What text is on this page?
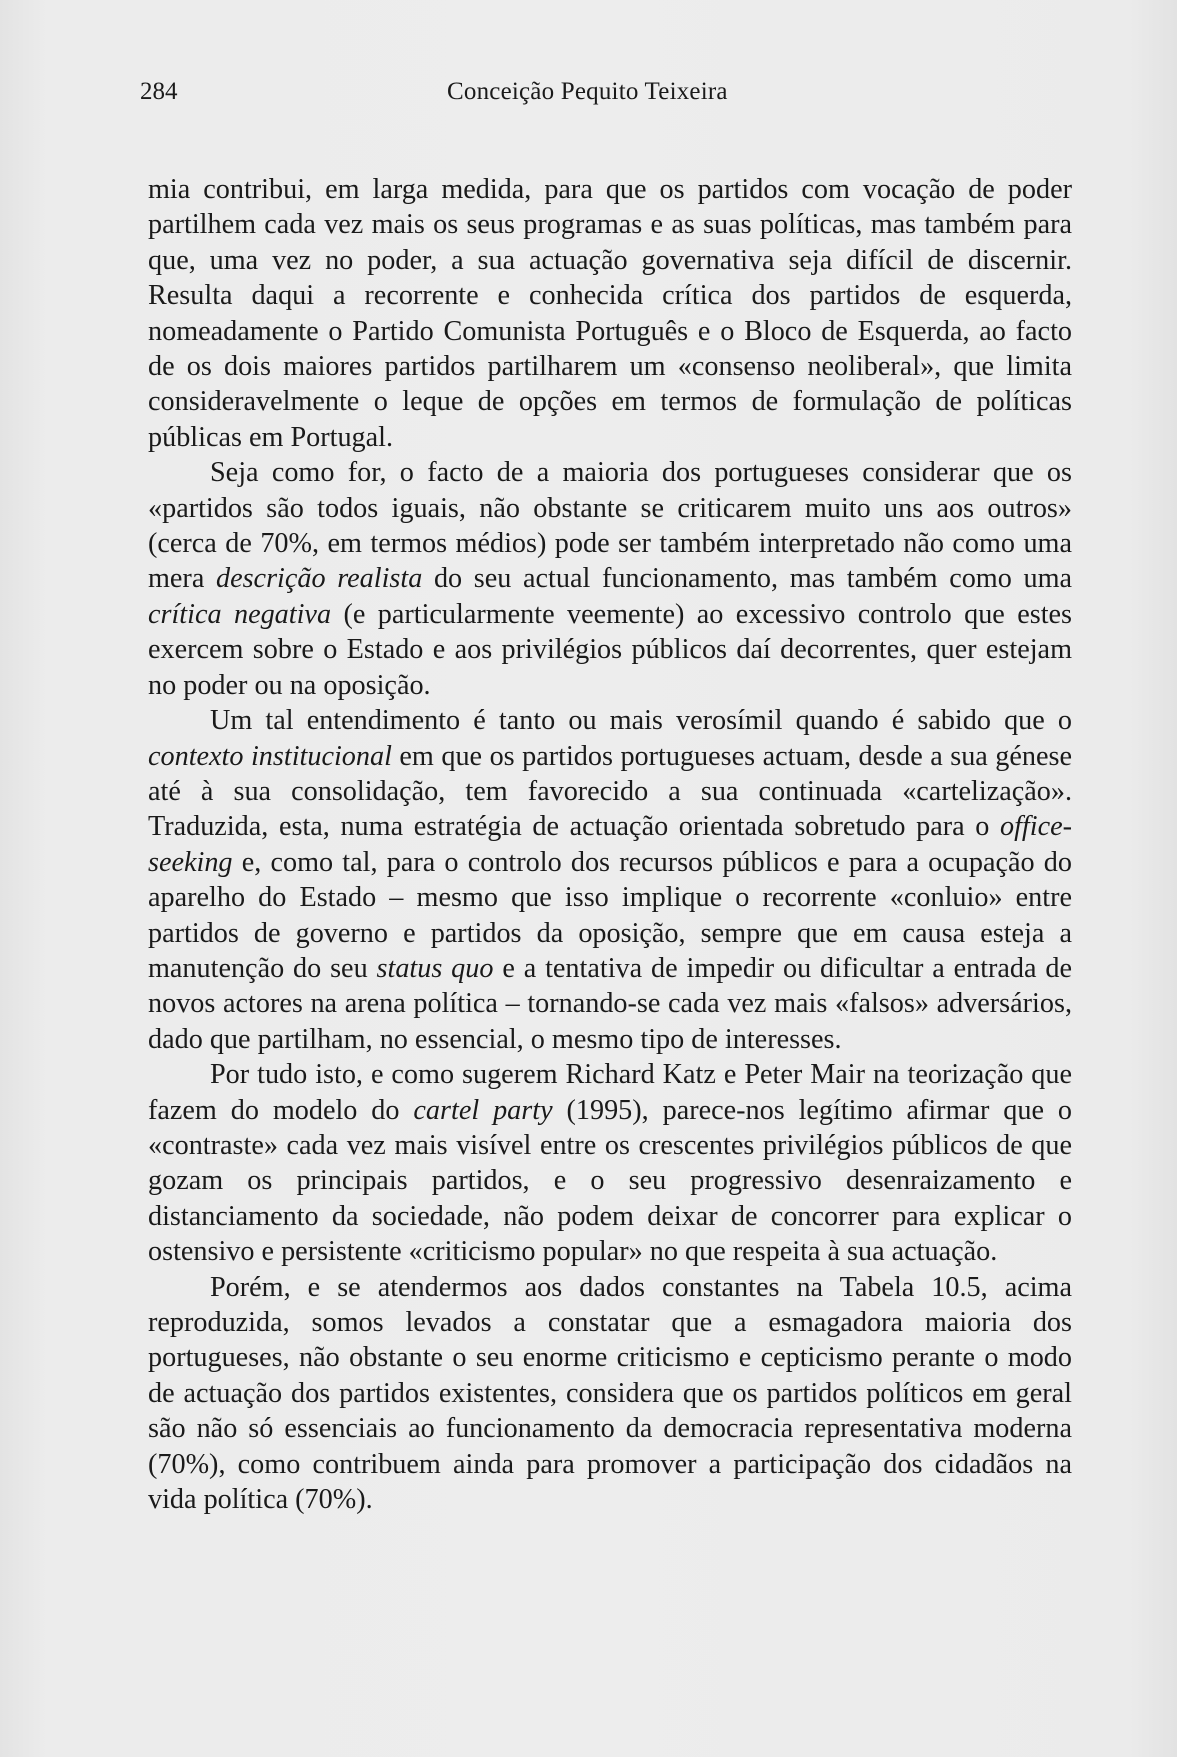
284	Conceição Pequito Teixeira

mia contribui, em larga medida, para que os partidos com vocação de poder partilhem cada vez mais os seus programas e as suas políticas, mas também para que, uma vez no poder, a sua actuação governativa seja difícil de discernir. Resulta daqui a recorrente e conhecida crítica dos partidos de esquerda, nomeadamente o Partido Comunista Português e o Bloco de Esquerda, ao facto de os dois maiores partidos partilharem um «consenso neoliberal», que limita consideravelmente o leque de opções em termos de formulação de políticas públicas em Portugal.

Seja como for, o facto de a maioria dos portugueses considerar que os «partidos são todos iguais, não obstante se criticarem muito uns aos outros» (cerca de 70%, em termos médios) pode ser também interpretado não como uma mera descrição realista do seu actual funcionamento, mas também como uma crítica negativa (e particularmente veemente) ao excessivo controlo que estes exercem sobre o Estado e aos privilégios públicos daí decorrentes, quer estejam no poder ou na oposição.

Um tal entendimento é tanto ou mais verosímil quando é sabido que o contexto institucional em que os partidos portugueses actuam, desde a sua génese até à sua consolidação, tem favorecido a sua continuada «cartelização». Traduzida, esta, numa estratégia de actuação orientada sobretudo para o office-seeking e, como tal, para o controlo dos recursos públicos e para a ocupação do aparelho do Estado – mesmo que isso implique o recorrente «conluio» entre partidos de governo e partidos da oposição, sempre que em causa esteja a manutenção do seu status quo e a tentativa de impedir ou dificultar a entrada de novos actores na arena política – tornando-se cada vez mais «falsos» adversários, dado que partilham, no essencial, o mesmo tipo de interesses.

Por tudo isto, e como sugerem Richard Katz e Peter Mair na teorização que fazem do modelo do cartel party (1995), parece-nos legítimo afirmar que o «contraste» cada vez mais visível entre os crescentes privilégios públicos de que gozam os principais partidos, e o seu progressivo desenraizamento e distanciamento da sociedade, não podem deixar de concorrer para explicar o ostensivo e persistente «criticismo popular» no que respeita à sua actuação.

Porém, e se atendermos aos dados constantes na Tabela 10.5, acima reproduzida, somos levados a constatar que a esmagadora maioria dos portugueses, não obstante o seu enorme criticismo e cepticismo perante o modo de actuação dos partidos existentes, considera que os partidos políticos em geral são não só essenciais ao funcionamento da democracia representativa moderna (70%), como contribuem ainda para promover a participação dos cidadãos na vida política (70%).
